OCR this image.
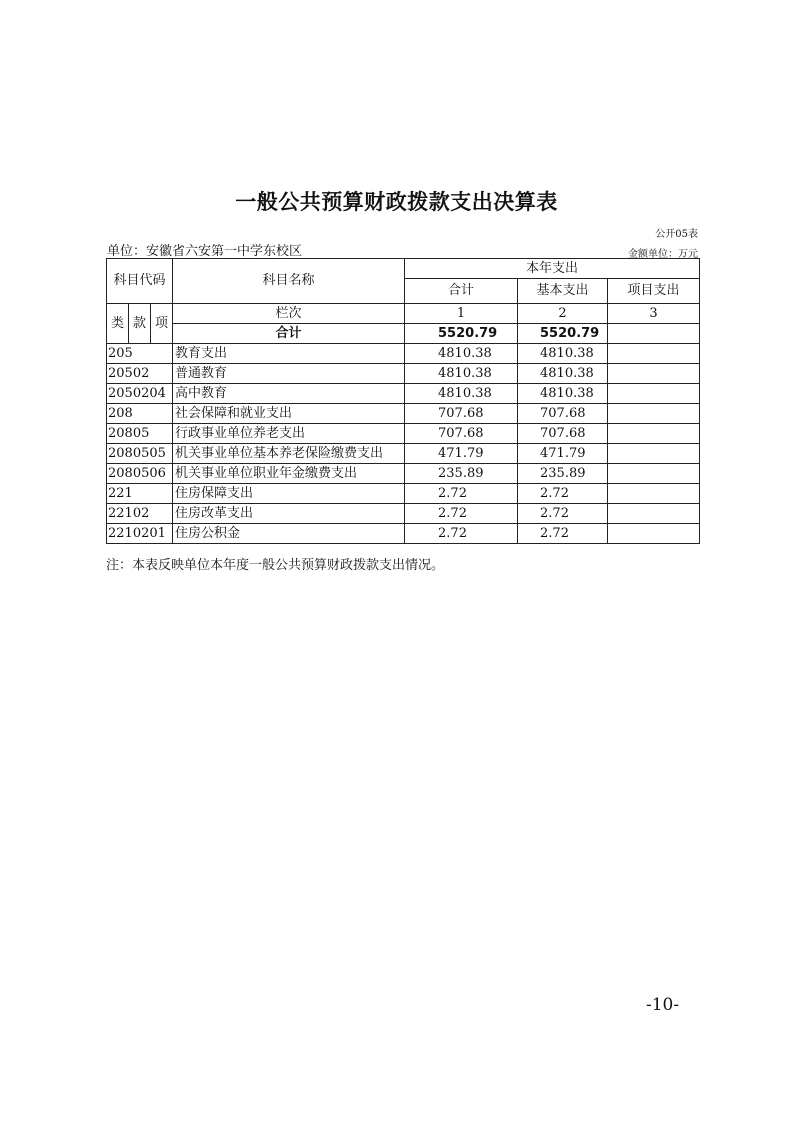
一般公共预算财政拨款支出决算表
公开05表
单位：安徽省六安第一中学东校区	金额单位：万元
科目代码			科目名称	本年支出		
				合计	基本支出	项目支出
类	款	项	栏次	1	2	3
			合计	5520.79	5520.79	
205			教育支出	4810.38	4810.38	
20502			普通教育	4810.38	4810.38	
2050204			高中教育	4810.38	4810.38	
208			社会保障和就业支出	707.68	707.68	
20805			行政事业单位养老支出	707.68	707.68	
2080505			机关事业单位基本养老保险缴费支出	471.79	471.79	
2080506			机关事业单位职业年金缴费支出	235.89	235.89	
221			住房保障支出	2.72	2.72	
22102			住房改革支出	2.72	2.72	
2210201			住房公积金	2.72	2.72	
注：本表反映单位本年度一般公共预算财政拨款支出情况。
-10-
